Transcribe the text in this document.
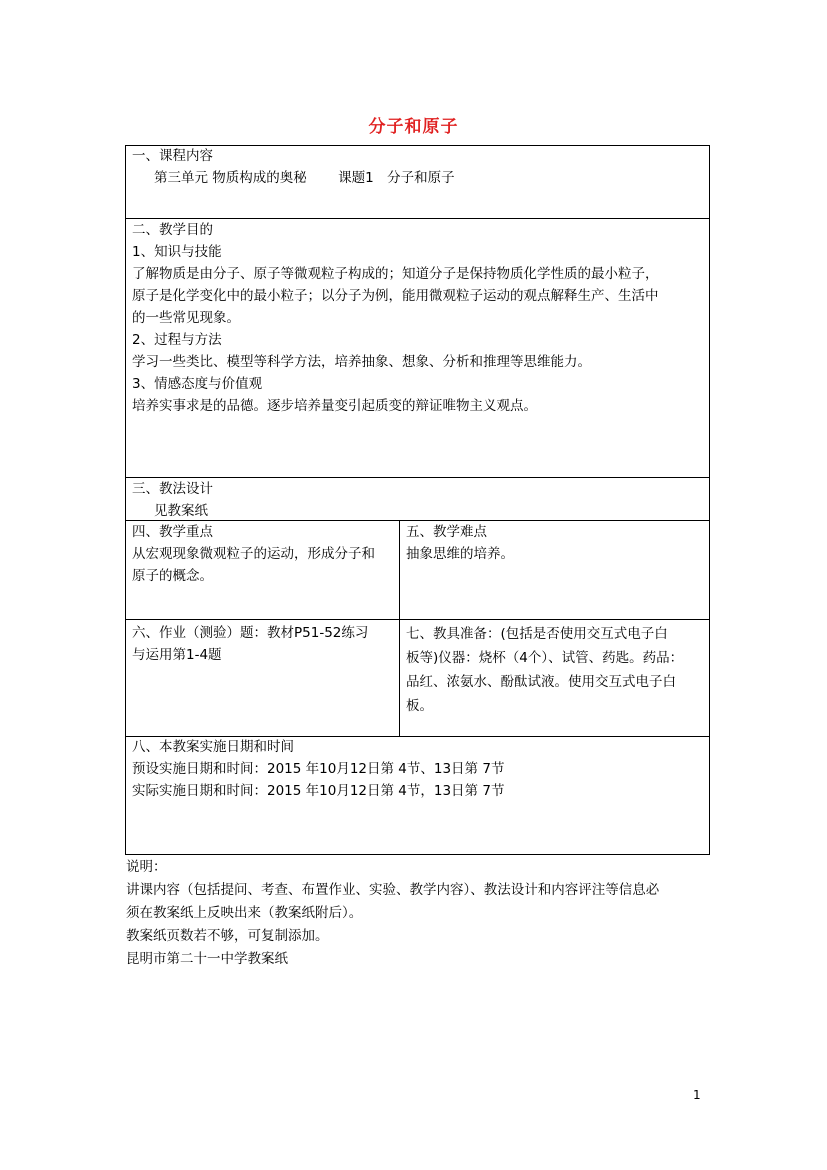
分子和原子

一、课程内容

第三单元 物质构成的奥秘　　 课题1　分子和原子

二、教学目的

1、知识与技能

了解物质是由分子、原子等微观粒子构成的；知道分子是保持物质化学性质的最小粒子，

原子是化学变化中的最小粒子；以分子为例，能用微观粒子运动的观点解释生产、生活中

的一些常见现象。

2、过程与方法

学习一些类比、模型等科学方法，培养抽象、想象、分析和推理等思维能力。

3、情感态度与价值观

培养实事求是的品德。逐步培养量变引起质变的辩证唯物主义观点。

三、教法设计

见教案纸

四、教学重点

从宏观现象微观粒子的运动，形成分子和

原子的概念。

五、教学难点

抽象思维的培养。

六、作业（测验）题：教材P51-52练习

与运用第1-4题

七、教具准备：(包括是否使用交互式电子白

板等)仪器：烧杯（4个）、试管、药匙。药品：

品红、浓氨水、酚酞试液。使用交互式电子白

板。

八、本教案实施日期和时间

预设实施日期和时间：2015 年10月12日第 4节、13日第 7节

实际实施日期和时间：2015 年10月12日第 4节，13日第 7节

说明：

讲课内容（包括提问、考查、布置作业、实验、教学内容）、教法设计和内容评注等信息必

须在教案纸上反映出来（教案纸附后）。

教案纸页数若不够，可复制添加。

昆明市第二十一中学教案纸

1
